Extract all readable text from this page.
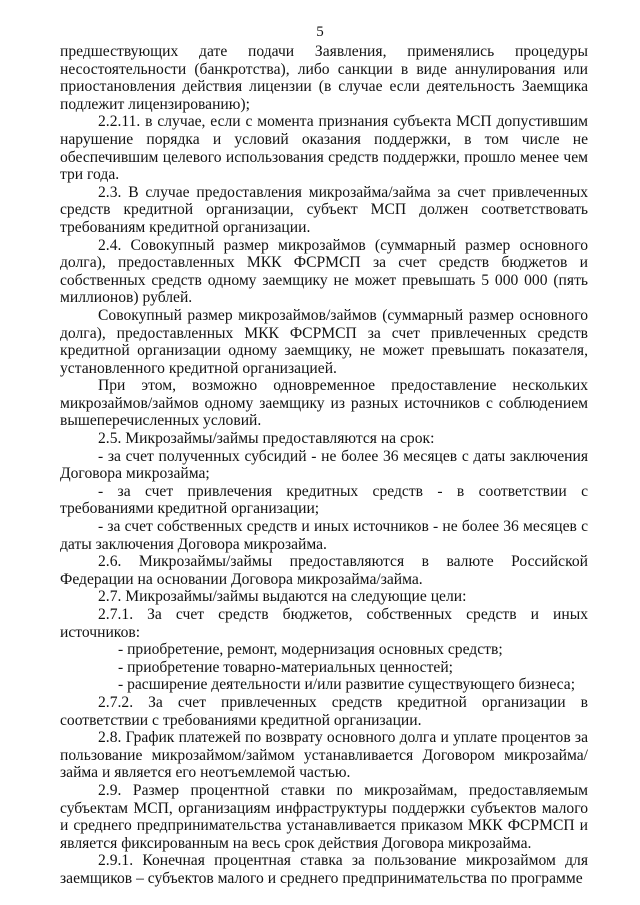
5

предшествующих дате подачи Заявления, применялись процедуры несостоятельности (банкротства), либо санкции в виде аннулирования или приостановления действия лицензии (в случае если деятельность Заемщика подлежит лицензированию);

2.2.11. в случае, если с момента признания субъекта МСП допустившим нарушение порядка и условий оказания поддержки, в том числе не обеспечившим целевого использования средств поддержки, прошло менее чем три года.

2.3. В случае предоставления микрозайма/займа за счет привлеченных средств кредитной организации, субъект МСП должен соответствовать требованиям кредитной организации.

2.4. Совокупный размер микрозаймов (суммарный размер основного долга), предоставленных МКК ФСРМСП за счет средств бюджетов и собственных средств одному заемщику не может превышать 5 000 000 (пять миллионов) рублей.

Совокупный размер микрозаймов/займов (суммарный размер основного долга), предоставленных МКК ФСРМСП за счет привлеченных средств кредитной организации одному заемщику, не может превышать показателя, установленного кредитной организацией.

При этом, возможно одновременное предоставление нескольких микрозаймов/займов одному заемщику из разных источников с соблюдением вышеперечисленных условий.

2.5. Микрозаймы/займы предоставляются на срок:

- за счет полученных субсидий - не более 36 месяцев с даты заключения Договора микрозайма;

- за счет привлечения кредитных средств - в соответствии с требованиями кредитной организации;

- за счет собственных средств и иных источников - не более 36 месяцев с даты заключения Договора микрозайма.

2.6. Микрозаймы/займы предоставляются в валюте Российской Федерации на основании Договора микрозайма/займа.

2.7. Микрозаймы/займы выдаются на следующие цели:

2.7.1. За счет средств бюджетов, собственных средств и иных источников:

- приобретение, ремонт, модернизация основных средств;

- приобретение товарно-материальных ценностей;

- расширение деятельности и/или развитие существующего бизнеса;

2.7.2. За счет привлеченных средств кредитной организации в соответствии с требованиями кредитной организации.

2.8. График платежей по возврату основного долга и уплате процентов за пользование микрозаймом/займом устанавливается Договором микрозайма/займа и является его неотъемлемой частью.

2.9. Размер процентной ставки по микрозаймам, предоставляемым субъектам МСП, организациям инфраструктуры поддержки субъектов малого и среднего предпринимательства устанавливается приказом МКК ФСРМСП и является фиксированным на весь срок действия Договора микрозайма.

2.9.1. Конечная процентная ставка за пользование микрозаймом для заемщиков – субъектов малого и среднего предпринимательства по программе
